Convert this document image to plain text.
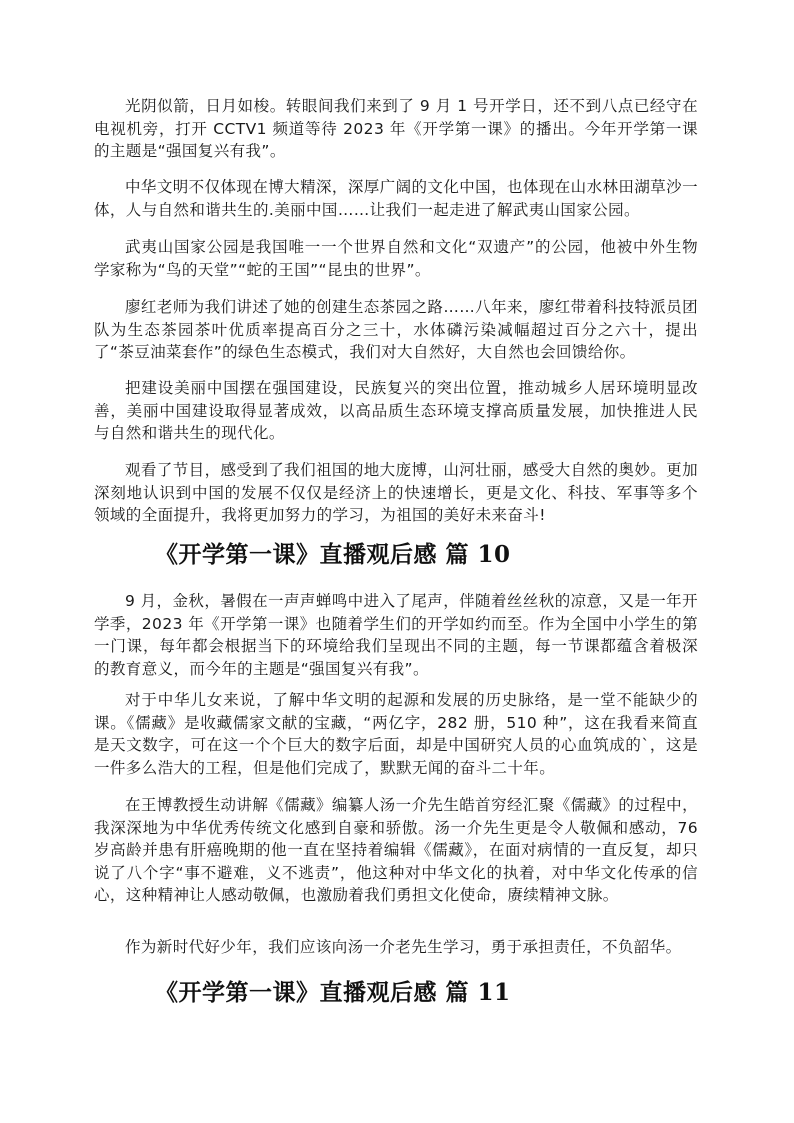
光阴似箭，日月如梭。转眼间我们来到了 9 月 1 号开学日，还不到八点已经守在电视机旁，打开 CCTV1 频道等待 2023 年《开学第一课》的播出。今年开学第一课的主题是“强国复兴有我”。

中华文明不仅体现在博大精深，深厚广阔的文化中国，也体现在山水林田湖草沙一体，人与自然和谐共生的.美丽中国……让我们一起走进了解武夷山国家公园。

武夷山国家公园是我国唯一一个世界自然和文化“双遗产”的公园，他被中外生物学家称为“鸟的天堂”“蛇的王国”“昆虫的世界”。

廖红老师为我们讲述了她的创建生态茶园之路……八年来，廖红带着科技特派员团队为生态茶园茶叶优质率提高百分之三十，水体磷污染减幅超过百分之六十，提出了“茶豆油菜套作”的绿色生态模式，我们对大自然好，大自然也会回馈给你。

把建设美丽中国摆在强国建设，民族复兴的突出位置，推动城乡人居环境明显改善，美丽中国建设取得显著成效，以高品质生态环境支撑高质量发展，加快推进人民与自然和谐共生的现代化。

观看了节目，感受到了我们祖国的地大庞博，山河壮丽，感受大自然的奥妙。更加深刻地认识到中国的发展不仅仅是经济上的快速增长，更是文化、科技、军事等多个领域的全面提升，我将更加努力的学习，为祖国的美好未来奋斗!

《开学第一课》直播观后感 篇 10

9 月，金秋，暑假在一声声蝉鸣中进入了尾声，伴随着丝丝秋的凉意，又是一年开学季，2023 年《开学第一课》也随着学生们的开学如约而至。作为全国中小学生的第一门课，每年都会根据当下的环境给我们呈现出不同的主题，每一节课都蕴含着极深的教育意义，而今年的主题是“强国复兴有我”。

对于中华儿女来说，了解中华文明的起源和发展的历史脉络，是一堂不能缺少的课。《儒藏》是收藏儒家文献的宝藏，“两亿字，282 册，510 种”，这在我看来简直是天文数字，可在这一个个巨大的数字后面，却是中国研究人员的心血筑成的`，这是一件多么浩大的工程，但是他们完成了，默默无闻的奋斗二十年。

在王博教授生动讲解《儒藏》编纂人汤一介先生皓首穷经汇聚《儒藏》的过程中，我深深地为中华优秀传统文化感到自豪和骄傲。汤一介先生更是令人敬佩和感动，76 岁高龄并患有肝癌晚期的他一直在坚持着编辑《儒藏》，在面对病情的一直反复，却只说了八个字“事不避难，义不逃责”，他这种对中华文化的执着，对中华文化传承的信心，这种精神让人感动敬佩，也激励着我们勇担文化使命，赓续精神文脉。

作为新时代好少年，我们应该向汤一介老先生学习，勇于承担责任，不负韶华。

《开学第一课》直播观后感 篇 11
